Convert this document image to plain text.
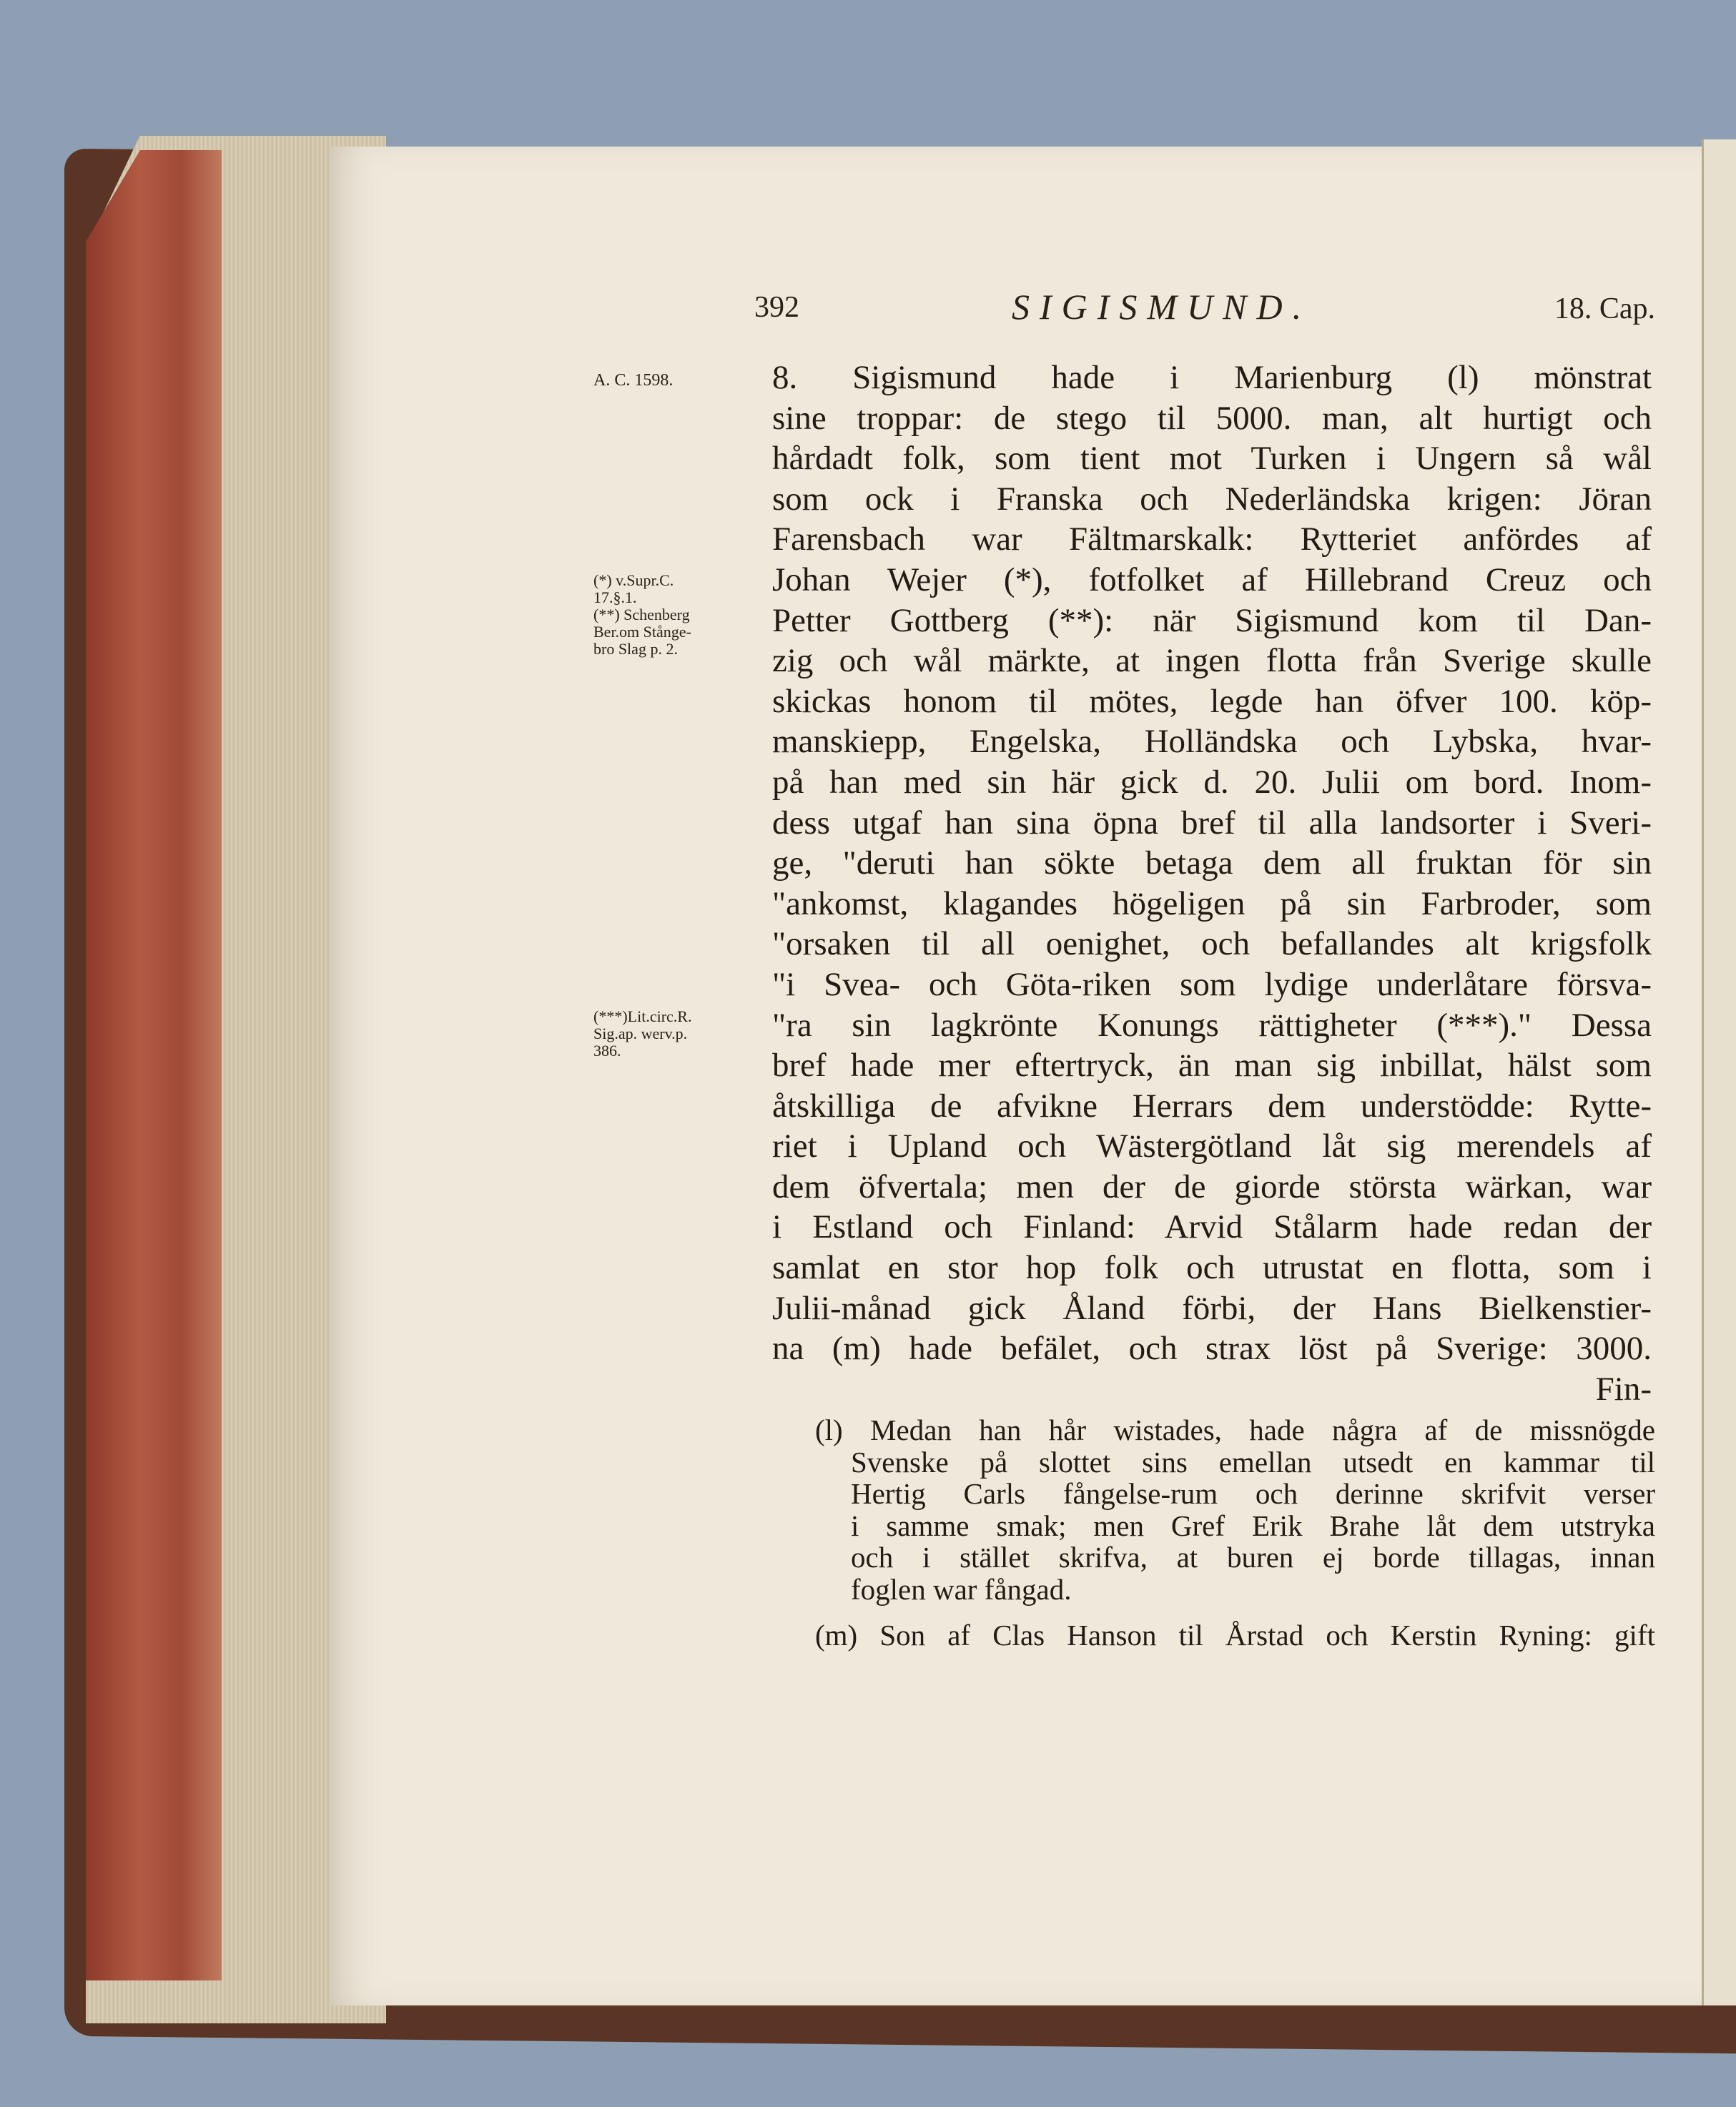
392	SIGISMUND.	18. Cap.
A. C. 1598.
(*) v.Supr.C.
17.§.1.
(**) Schenberg
Ber.om Stånge-
bro Slag p. 2.
(***)Lit.circ.R.
Sig.ap. werv.p.
386.
8. Sigismund hade i Marienburg (l) mönstrat
sine troppar: de stego til 5000. man, alt hurtigt och
hårdadt folk, som tient mot Turken i Ungern så wål
som ock i Franska och Nederländska krigen: Jöran
Farensbach war Fältmarskalk: Rytteriet anfördes af
Johan Wejer (*), fotfolket af Hillebrand Creuz och
Petter Gottberg (**): när Sigismund kom til Dan-
zig och wål märkte, at ingen flotta från Sverige skulle
skickas honom til mötes, legde han öfver 100. köp-
manskiepp, Engelska, Holländska och Lybska, hvar-
på han med sin här gick d. 20. Julii om bord. Inom-
dess utgaf han sina öpna bref til alla landsorter i Sveri-
ge, "deruti han sökte betaga dem all fruktan för sin
"ankomst, klagandes högeligen på sin Farbroder, som
"orsaken til all oenighet, och befallandes alt krigsfolk
"i Svea- och Göta-riken som lydige underlåtare försva-
"ra sin lagkrönte Konungs rättigheter (***)." Dessa
bref hade mer eftertryck, än man sig inbillat, hälst som
åtskilliga de afvikne Herrars dem understödde: Rytte-
riet i Upland och Wästergötland låt sig merendels af
dem öfvertala; men der de giorde största wärkan, war
i Estland och Finland: Arvid Stålarm hade redan der
samlat en stor hop folk och utrustat en flotta, som i
Julii-månad gick Åland förbi, der Hans Bielkenstier-
na (m) hade befälet, och strax löst på Sverige: 3000.
Fin-
(l) Medan han hår wistades, hade några af de missnögde
Svenske på slottet sins emellan utsedt en kammar til
Hertig Carls fångelse-rum och derinne skrifvit verser
i samme smak; men Gref Erik Brahe låt dem utstryka
och i stället skrifva, at buren ej borde tillagas, innan
foglen war fångad.
(m) Son af Clas Hanson til Årstad och Kerstin Ryning: gift
